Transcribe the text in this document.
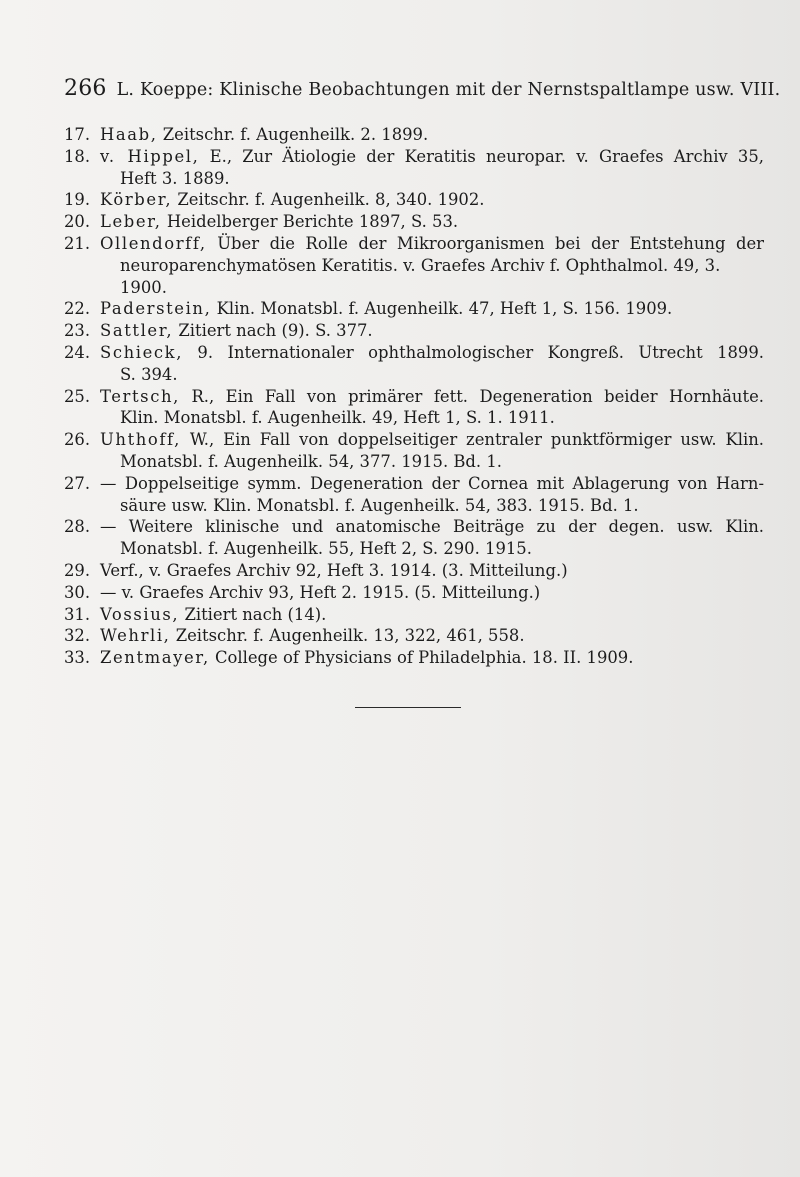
266 L. Koeppe: Klinische Beobachtungen mit der Nernstspaltlampe usw. VIII.
17. Haab, Zeitschr. f. Augenheilk. 2. 1899.
18. v. Hippel, E., Zur Ätiologie der Keratitis neuropar. v. Graefes Archiv 35,
Heft 3. 1889.
19. Körber, Zeitschr. f. Augenheilk. 8, 340. 1902.
20. Leber, Heidelberger Berichte 1897, S. 53.
21. Ollendorff, Über die Rolle der Mikroorganismen bei der Entstehung der
neuroparenchymatösen Keratitis. v. Graefes Archiv f. Ophthalmol. 49, 3. 1900.
22. Paderstein, Klin. Monatsbl. f. Augenheilk. 47, Heft 1, S. 156. 1909.
23. Sattler, Zitiert nach (9). S. 377.
24. Schieck, 9. Internationaler ophthalmologischer Kongreß. Utrecht 1899.
S. 394.
25. Tertsch, R., Ein Fall von primärer fett. Degeneration beider Hornhäute.
Klin. Monatsbl. f. Augenheilk. 49, Heft 1, S. 1. 1911.
26. Uhthoff, W., Ein Fall von doppelseitiger zentraler punktförmiger usw. Klin.
Monatsbl. f. Augenheilk. 54, 377. 1915. Bd. 1.
27. — Doppelseitige symm. Degeneration der Cornea mit Ablagerung von Harn-
säure usw. Klin. Monatsbl. f. Augenheilk. 54, 383. 1915. Bd. 1.
28. — Weitere klinische und anatomische Beiträge zu der degen. usw. Klin.
Monatsbl. f. Augenheilk. 55, Heft 2, S. 290. 1915.
29. Verf., v. Graefes Archiv 92, Heft 3. 1914. (3. Mitteilung.)
30. — v. Graefes Archiv 93, Heft 2. 1915. (5. Mitteilung.)
31. Vossius, Zitiert nach (14).
32. Wehrli, Zeitschr. f. Augenheilk. 13, 322, 461, 558.
33. Zentmayer, College of Physicians of Philadelphia. 18. II. 1909.
